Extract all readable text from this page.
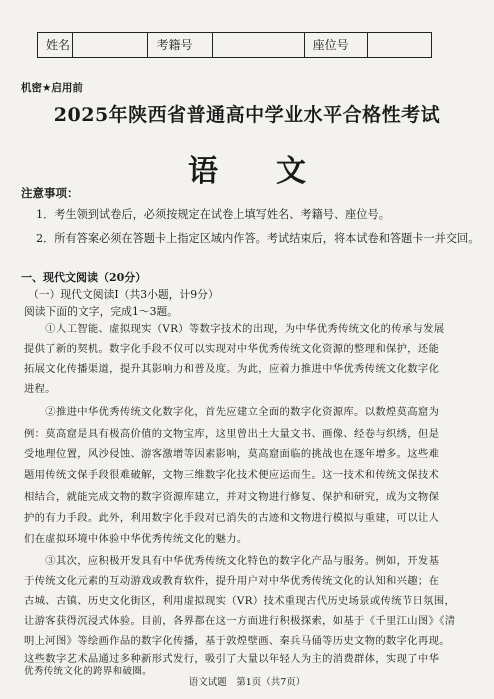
姓名	考籍号	座位号
机密★启用前
2025年陕西省普通高中学业水平合格性考试
语文
注意事项：
1．考生领到试卷后，必须按规定在试卷上填写姓名、考籍号、座位号。
2．所有答案必须在答题卡上指定区域内作答。考试结束后，将本试卷和答题卡一并交回。
一、现代文阅读（20分）
（一）现代文阅读Ⅰ（共3小题，计9分）
阅读下面的文字，完成1～3题。
　　①人工智能、虚拟现实（VR）等数字技术的出现，为中华优秀传统文化的传承与发展
提供了新的契机。数字化手段不仅可以实现对中华优秀传统文化资源的整理和保护，还能
拓展文化传播渠道，提升其影响力和普及度。为此，应着力推进中华优秀传统文化数字化
进程。
　　②推进中华优秀传统文化数字化，首先应建立全面的数字化资源库。以数煌莫高窟为
例：莫高窟是具有极高价值的文物宝库，这里曾出土大量文书、画像、经卷与织绣，但是
受地理位置，风沙侵蚀、游客激增等因素影响，莫高窟面临的挑战也在逐年增多。这些难
题用传统文保手段很难破解，文物三维数字化技术便应运而生。这一技术和传统文保技术
相结合，就能完成文物的数字资源库建立，并对文物进行修复、保护和研究，成为文物保
护的有力手段。此外，利用数字化手段对已消失的古迹和文物进行模拟与重建，可以让人
们在虚拟环境中体验中华优秀传统文化的魅力。
　　③其次，应积极开发具有中华优秀传统文化特色的数字化产品与服务。例如，开发基
于传统文化元素的互动游戏或教育软件，提升用户对中华优秀传统文化的认知和兴趣；在
古城、古镇、历史文化街区，利用虚拟现实（VR）技术重现古代历史场景或传统节日氛围，
让游客获得沉浸式体验。目前，各界都在这一方面进行积极探索，如基于《千里江山图》《清
明上河图》等绘画作品的数字化传播，基于敦煌壁画、秦兵马俑等历史文物的数字化再现。
这些数字艺术品通过多种新形式发行，吸引了大量以年轻人为主的消费群体，实现了中华
优秀传统文化的跨界和破圈。
语文试题　第1页（共7页）
